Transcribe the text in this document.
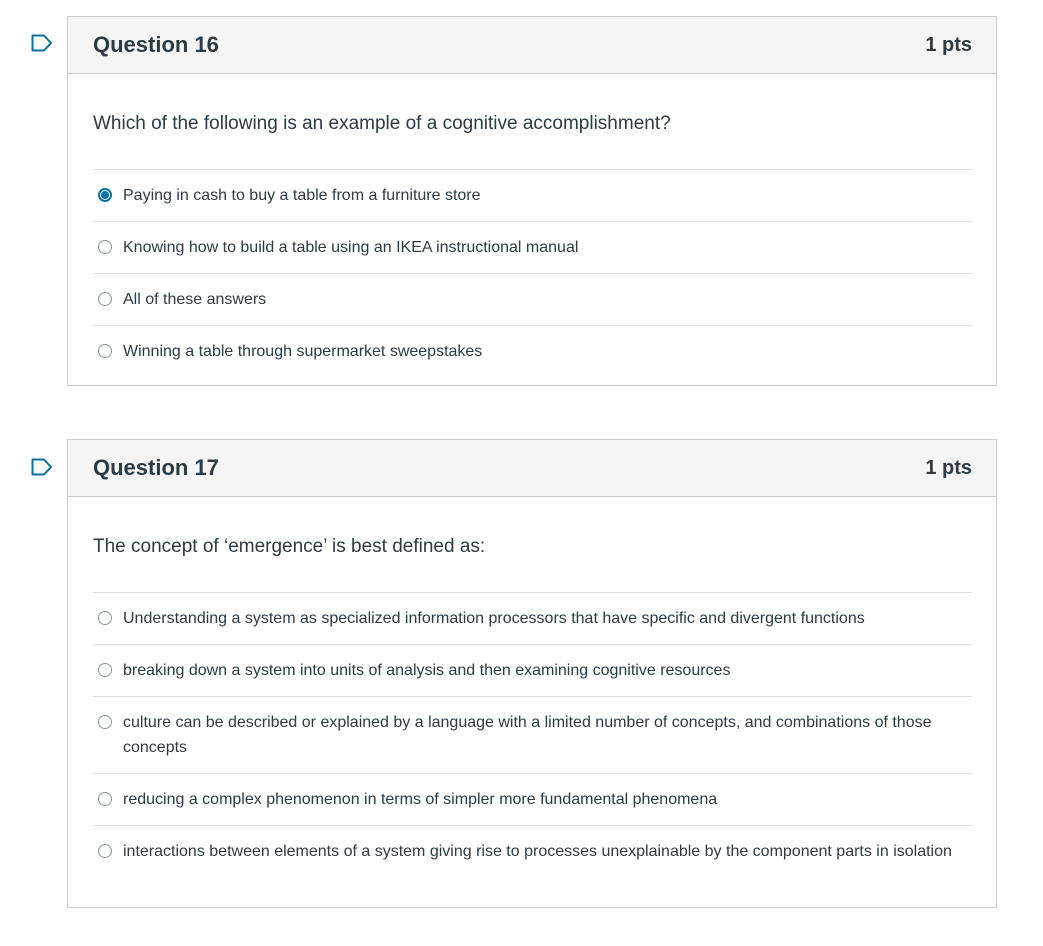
Question 16	1 pts

Which of the following is an example of a cognitive accomplishment?

Paying in cash to buy a table from a furniture store
Knowing how to build a table using an IKEA instructional manual
All of these answers
Winning a table through supermarket sweepstakes
Question 17	1 pts

The concept of ‘emergence’ is best defined as:

Understanding a system as specialized information processors that have specific and divergent functions
breaking down a system into units of analysis and then examining cognitive resources
culture can be described or explained by a language with a limited number of concepts, and combinations of those concepts
reducing a complex phenomenon in terms of simpler more fundamental phenomena
interactions between elements of a system giving rise to processes unexplainable by the component parts in isolation
